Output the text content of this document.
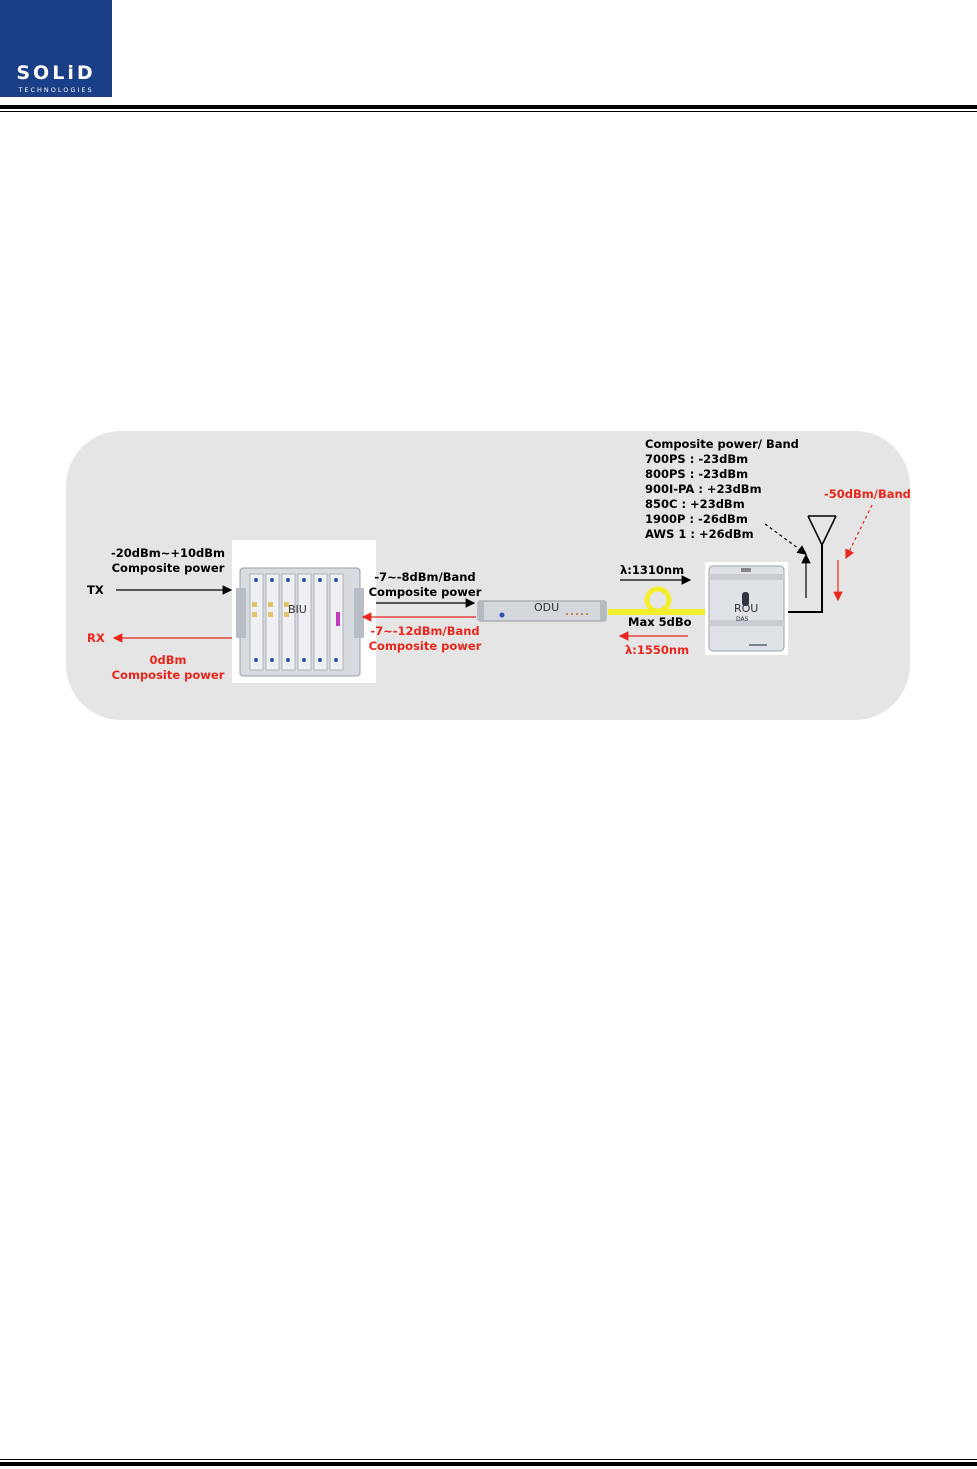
SOLiD
TECHNOLOGIES
BIU	ODU	ROU
DAS
TX
RX
-20dBm~+10dBm
Composite power
0dBm
Composite power
-7~-8dBm/Band
Composite power
-7~-12dBm/Band
Composite power
λ:1310nm
Max 5dBo
λ:1550nm
Composite power/ Band
700PS : -23dBm
800PS : -23dBm
900I-PA : +23dBm
850C : +23dBm
1900P : -26dBm
AWS 1 : +26dBm
-50dBm/Band
